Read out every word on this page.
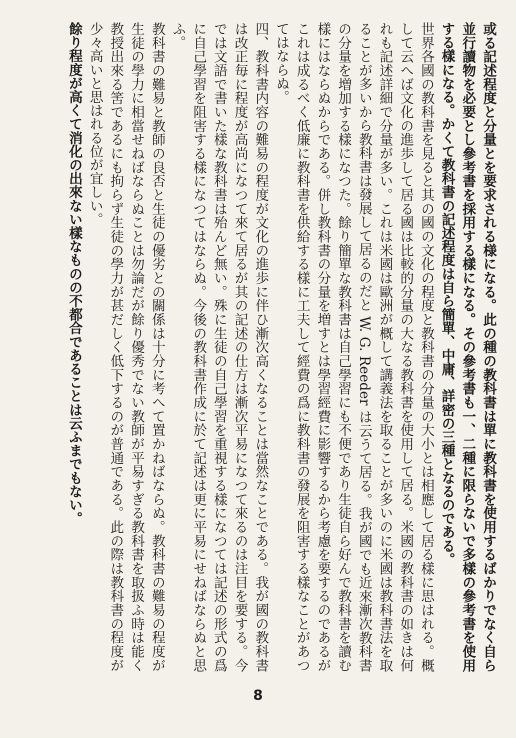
或る記述程度と分量とを要求される様になる。此の種の教科書は單に教科書を使用するばかりでなく自ら並行讀物を必要とし參考書を採用する樣になる。その參考書も一、二種に限らないで多樣の參考書を使用する樣になる。かくて教科書の記述程度は自ら簡單、中庸、詳密の三種となるのである。

世界各國の教科書を見ると其の國の文化の程度と教科書の分量の大小とは相應して居る樣に思はれる。概して云へば文化の進歩して居る國は比較的分量の大なる教科書を使用して居る。米國の教科書の如きは何れも記述詳細で分量が多い。これは米國は歐洲が概して講義法を取ることが多いのに米國は教科書法を取ることが多いから教科書は發展して居るのだと W. G. Reeder は云うて居る。我が國でも近來漸次教科書の分量を増加する樣になつた。餘り簡單な教科書は自己學習にも不便であり生徒自ら好んで教科書を讀む樣にはならぬからである。併し教科書の分量を増すとは學習經費に影響するから考慮を要するのであるがこれは成るべく低廉に教科書を供給する樣に工夫して經費の爲に教科書の發展を阻害する樣なことがあつてはならぬ。

四、教科書内容の難易の程度が文化の進歩に伴ひ漸次高くなることは當然なことである。我が國の教科書は改正毎に程度が高尚になつて來て居るが其の記述の仕方は漸次平易になつて來るのは注目を要する。今では文語で書いた樣な教科書は殆んど無い。殊に生徒の自己學習を重視する樣になつては記述の形式の爲に自己學習を阻害する樣になつてはならぬ。今後の教科書作成に於て記述は更に平易にせねばならぬと思ふ。

教科書の難易と教師の良否と生徒の優劣との關係は十分に考へて置かねばならぬ。教科書の難易の程度が生徒の學力に相當せねばならぬことは勿論だが餘り優秀でない教師が平易すぎる教科書を取扱ふ時は能く教授出來る筈であるにも拘らず生徒の學力が甚だしく低下するのが普通である。此の際は教科書の程度が少々高いと思はれる位が宜しい。

餘り程度が高くて消化の出來ない樣なものの不都合であることは云ふまでもない。

8
